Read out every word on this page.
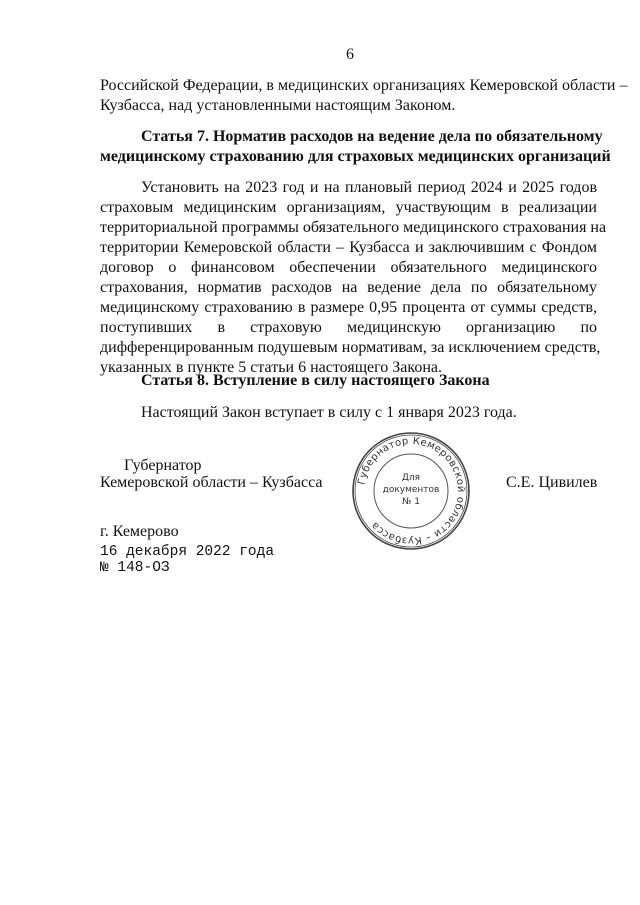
6
Российской Федерации, в медицинских организациях Кемеровской области –
Кузбасса, над установленными настоящим Законом.
Статья 7. Норматив расходов на ведение дела по обязательному
медицинскому страхованию для страховых медицинских организаций
Установить на 2023 год и на плановый период 2024 и 2025 годов
страховым медицинским организациям, участвующим в реализации
территориальной программы обязательного медицинского страхования на
территории Кемеровской области – Кузбасса и заключившим с Фондом
договор о финансовом обеспечении обязательного медицинского
страхования, норматив расходов на ведение дела по обязательному
медицинскому страхованию в размере 0,95 процента от суммы средств,
поступивших в страховую медицинскую организацию по
дифференцированным подушевым нормативам, за исключением средств,
указанных в пункте 5 статьи 6 настоящего Закона.
Статья 8. Вступление в силу настоящего Закона
Настоящий Закон вступает в силу с 1 января 2023 года.
Губернатор
Кемеровской области – Кузбасса	С.Е. Цивилев
Губернатор Кемеровской области – Кузбасса
Для
документов
№ 1
г. Кемерово
16 декабря 2022 года
№ 148-ОЗ
